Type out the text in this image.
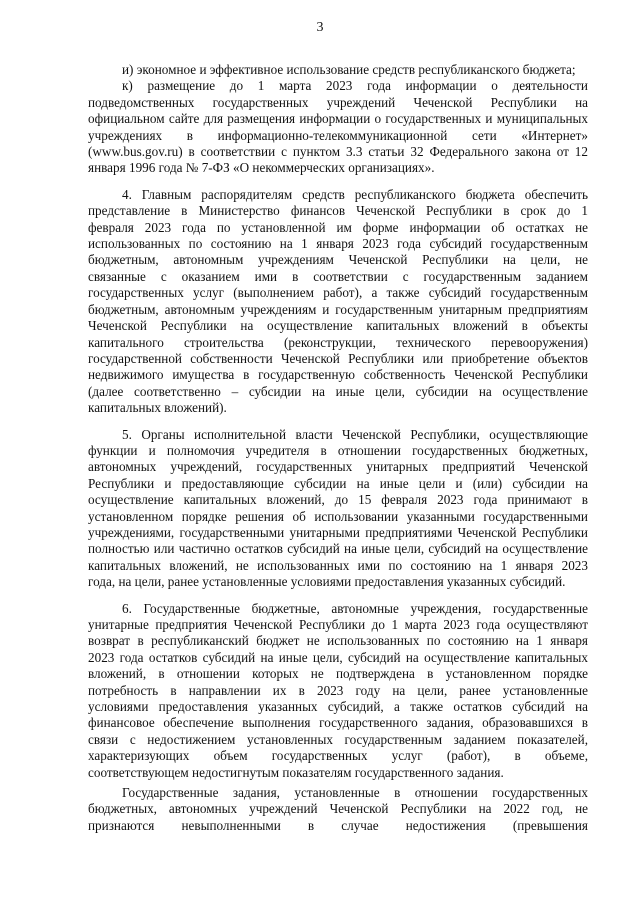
3
и) экономное и эффективное использование средств республиканского бюджета;
к) размещение до 1 марта 2023 года информации о деятельности
подведомственных государственных учреждений Чеченской Республики на
официальном сайте для размещения информации о государственных и муниципальных
учреждениях в информационно-телекоммуникационной сети «Интернет»
(www.bus.gov.ru) в соответствии с пунктом 3.3 статьи 32 Федерального закона от 12
января 1996 года № 7-ФЗ «О некоммерческих организациях».
4. Главным распорядителям средств республиканского бюджета обеспечить
представление в Министерство финансов Чеченской Республики в срок до 1
февраля 2023 года по установленной им форме информации об остатках не
использованных по состоянию на 1 января 2023 года субсидий государственным
бюджетным, автономным учреждениям Чеченской Республики на цели, не
связанные с оказанием ими в соответствии с государственным заданием
государственных услуг (выполнением работ), а также субсидий государственным
бюджетным, автономным учреждениям и государственным унитарным предприятиям
Чеченской Республики на осуществление капитальных вложений в объекты
капитального строительства (реконструкции, технического перевооружения)
государственной собственности Чеченской Республики или приобретение объектов
недвижимого имущества в государственную собственность Чеченской Республики
(далее соответственно – субсидии на иные цели, субсидии на осуществление
капитальных вложений).
5. Органы исполнительной власти Чеченской Республики, осуществляющие
функции и полномочия учредителя в отношении государственных бюджетных,
автономных учреждений, государственных унитарных предприятий Чеченской
Республики и предоставляющие субсидии на иные цели и (или) субсидии на
осуществление капитальных вложений, до 15 февраля 2023 года принимают в
установленном порядке решения об использовании указанными государственными
учреждениями, государственными унитарными предприятиями Чеченской Республики
полностью или частично остатков субсидий на иные цели, субсидий на осуществление
капитальных вложений, не использованных ими по состоянию на 1 января 2023
года, на цели, ранее установленные условиями предоставления указанных субсидий.
6. Государственные бюджетные, автономные учреждения, государственные
унитарные предприятия Чеченской Республики до 1 марта 2023 года осуществляют
возврат в республиканский бюджет не использованных по состоянию на 1 января
2023 года остатков субсидий на иные цели, субсидий на осуществление капитальных
вложений, в отношении которых не подтверждена в установленном порядке
потребность в направлении их в 2023 году на цели, ранее установленные
условиями предоставления указанных субсидий, а также остатков субсидий на
финансовое обеспечение выполнения государственного задания, образовавшихся в
связи с недостижением установленных государственным заданием показателей,
характеризующих объем государственных услуг (работ), в объеме,
соответствующем недостигнутым показателям государственного задания.
Государственные задания, установленные в отношении государственных
бюджетных, автономных учреждений Чеченской Республики на 2022 год, не
признаются невыполненными в случае недостижения (превышения
